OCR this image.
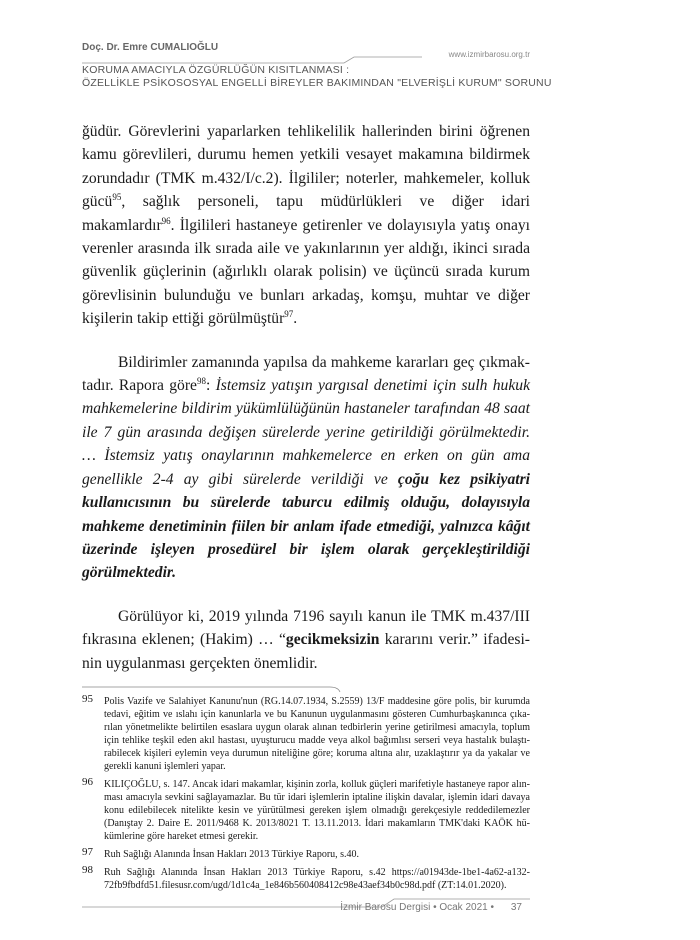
Doç. Dr. Emre CUMALIOĞLU
www.izmirbarosu.org.tr
KORUMA AMACIYLA ÖZGÜRLÜĞÜN KISITLANMASI :
ÖZELLİKLE PSİKOSOSYAL ENGELLİ BİREYLER BAKIMINDAN "ELVERİŞLİ KURUM" SORUNU

ğüdür. Görevlerini yaparlarken tehlikelilik hallerinden birini öğrenen kamu görevlileri, durumu hemen yetkili vesayet makamına bildirmek zorundadır (TMK m.432/I/c.2). İlgililer; noterler, mahkemeler, kolluk gücü$^{95}$, sağlık personeli, tapu müdürlükleri ve diğer idari makamlardır$^{96}$. İlgilileri hastaneye getirenler ve dolayısıyla yatış onayı verenler arasında ilk sırada aile ve yakınlarının yer aldığı, ikinci sırada güvenlik güçlerinin (ağırlıklı olarak polisin) ve üçüncü sırada kurum görevlisinin bulunduğu ve bunları arkadaş, komşu, muhtar ve diğer kişilerin takip ettiği görülmüştür$^{97}$.

Bildirimler zamanında yapılsa da mahkeme kararları geç çıkmaktadır. Rapora göre$^{98}$: İstemsiz yatışın yargısal denetimi için sulh hukuk mahkemelerine bildirim yükümlülüğünün hastaneler tarafından 48 saat ile 7 gün arasında değişen sürelerde yerine getirildiği görülmektedir. … İstemsiz yatış onaylarının mahkemelerce en erken on gün ama genellikle 2-4 ay gibi sürelerde verildiği ve çoğu kez psikiyatri kullanıcısının bu sürelerde taburcu edilmiş olduğu, dolayısıyla mahkeme denetiminin fiilen bir anlam ifade etmediği, yalnızca kâğıt üzerinde işleyen prosedürel bir işlem olarak gerçekleştirildiği görülmektedir.

Görülüyor ki, 2019 yılında 7196 sayılı kanun ile TMK m.437/III fıkrasına eklenen; (Hakim) … “gecikmeksizin kararını verir.” ifadesinin uygulanması gerçekten önemlidir.

95 Polis Vazife ve Salahiyet Kanunu'nun (RG.14.07.1934, S.2559) 13/F maddesine göre polis, bir kurumda tedavi, eğitim ve ıslahı için kanunlarla ve bu Kanunun uygulanmasını gösteren Cumhurbaşkanınca çıkarılan yönetmelikte belirtilen esaslara uygun olarak alınan tedbirlerin yerine getirilmesi amacıyla, toplum için tehlike teşkil eden akıl hastası, uyuşturucu madde veya alkol bağımlısı serseri veya hastalık bulaştırabilecek kişileri eylemin veya durumun niteliğine göre; koruma altına alır, uzaklaştırır ya da yakalar ve gerekli kanuni işlemleri yapar.
96 KILIÇOĞLU, s. 147. Ancak idari makamlar, kişinin zorla, kolluk güçleri marifetiyle hastaneye rapor alınması amacıyla sevkini sağlayamazlar. Bu tür idari işlemlerin iptaline ilişkin davalar, işlemin idari davaya konu edilebilecek nitelikte kesin ve yürütülmesi gereken işlem olmadığı gerekçesiyle reddedilemezler (Danıştay 2. Daire E. 2011/9468 K. 2013/8021 T. 13.11.2013. İdari makamların TMK'daki KAÖK hükümlerine göre hareket etmesi gerekir.
97 Ruh Sağlığı Alanında İnsan Hakları 2013 Türkiye Raporu, s.40.
98 Ruh Sağlığı Alanında İnsan Hakları 2013 Türkiye Raporu, s.42 https://a01943de-1be1-4a62-a132-72fb9fbdfd51.filesusr.com/ugd/1d1c4a_1e846b560408412c98e43aef34b0c98d.pdf (ZT:14.01.2020).
İzmir Barosu Dergisi • Ocak 2021 • 37
